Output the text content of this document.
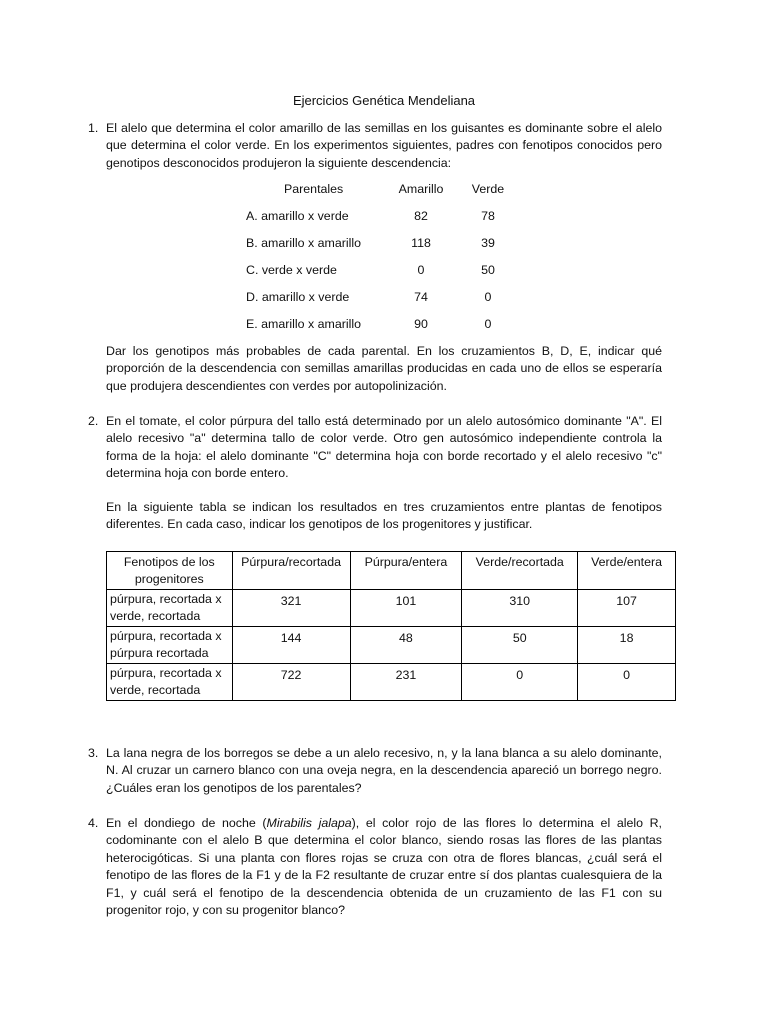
Ejercicios Genética Mendeliana
1. El alelo que determina el color amarillo de las semillas en los guisantes es dominante sobre el alelo que determina el color verde. En los experimentos siguientes, padres con fenotipos conocidos pero genotipos desconocidos produjeron la siguiente descendencia:

Parentales	Amarillo	Verde
A. amarillo x verde	82	78
B. amarillo x amarillo	118	39
C. verde x verde	0	50
D. amarillo x verde	74	0
E. amarillo x amarillo	90	0

Dar los genotipos más probables de cada parental. En los cruzamientos B, D, E, indicar qué proporción de la descendencia con semillas amarillas producidas en cada uno de ellos se esperaría que produjera descendientes con verdes por autopolinización.

2. En el tomate, el color púrpura del tallo está determinado por un alelo autosómico dominante "A". El alelo recesivo "a" determina tallo de color verde. Otro gen autosómico independiente controla la forma de la hoja: el alelo dominante "C" determina hoja con borde recortado y el alelo recesivo "c" determina hoja con borde entero.

En la siguiente tabla se indican los resultados en tres cruzamientos entre plantas de fenotipos diferentes. En cada caso, indicar los genotipos de los progenitores y justificar.

Fenotipos de los progenitores	Púrpura/recortada	Púrpura/entera	Verde/recortada	Verde/entera
púrpura, recortada x verde, recortada	321	101	310	107
púrpura, recortada x púrpura recortada	144	48	50	18
púrpura, recortada x verde, recortada	722	231	0	0
3. La lana negra de los borregos se debe a un alelo recesivo, n, y la lana blanca a su alelo dominante, N. Al cruzar un carnero blanco con una oveja negra, en la descendencia apareció un borrego negro. ¿Cuáles eran los genotipos de los parentales?

4. En el dondiego de noche (Mirabilis jalapa), el color rojo de las flores lo determina el alelo R, codominante con el alelo B que determina el color blanco, siendo rosas las flores de las plantas heterocigóticas. Si una planta con flores rojas se cruza con otra de flores blancas, ¿cuál será el fenotipo de las flores de la F1 y de la F2 resultante de cruzar entre sí dos plantas cualesquiera de la F1, y cuál será el fenotipo de la descendencia obtenida de un cruzamiento de las F1 con su progenitor rojo, y con su progenitor blanco?
